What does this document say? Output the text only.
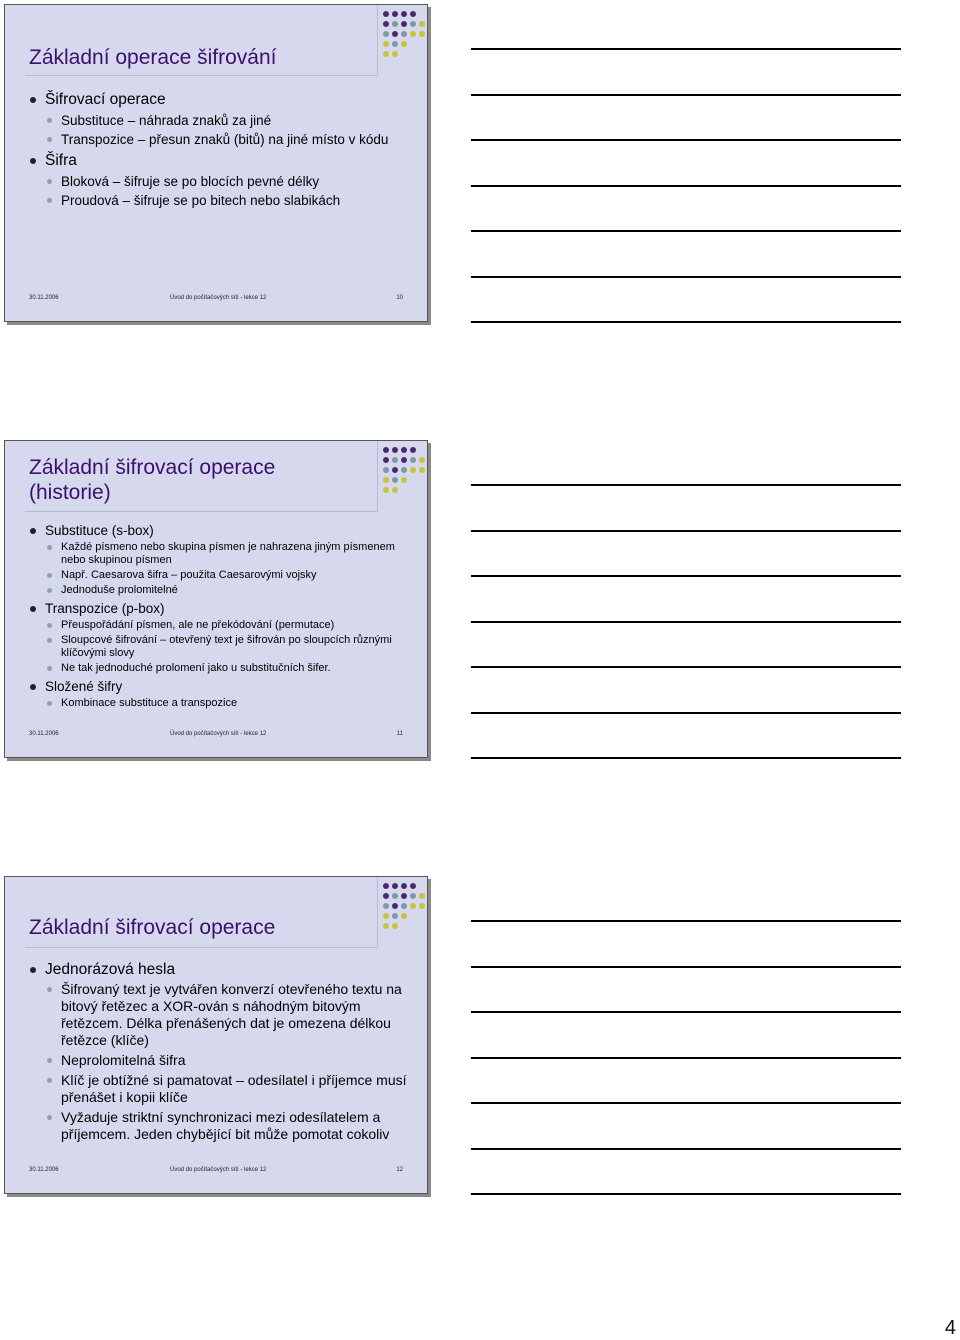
Základní operace šifrování
Šifrovací operace
Substituce – náhrada znaků za jiné
Transpozice – přesun znaků (bitů) na jiné místo v kódu
Šifra
Bloková – šifruje se po blocích pevné délky
Proudová – šifruje se po bitech nebo slabikách
30.11.2006	Úvod do počítačových sítí - lekce 12	10
Základní šifrovací operace
(historie)
Substituce (s-box)
Každé písmeno nebo skupina písmen je nahrazena jiným písmenem nebo skupinou písmen
Např. Caesarova šifra – použita Caesarovými vojsky
Jednoduše prolomitelné
Transpozice (p-box)
Přeuspořádání písmen, ale ne překódování (permutace)
Sloupcové šifrování – otevřený text je šifrován po sloupcích různými klíčovými slovy
Ne tak jednoduché prolomení jako u substitučních šifer.
Složené šifry
Kombinace substituce a transpozice
30.11.2006	Úvod do počítačových sítí - lekce 12	11
Základní šifrovací operace
Jednorázová hesla
Šifrovaný text je vytvářen konverzí otevřeného textu na bitový řetězec a XOR-ován s náhodným bitovým řetězcem. Délka přenášených dat je omezena délkou řetězce (klíče)
Neprolomitelná šifra
Klíč je obtížné si pamatovat – odesílatel i příjemce musí přenášet i kopii klíče
Vyžaduje striktní synchronizaci mezi odesílatelem a příjemcem. Jeden chybějící bit může pomotat cokoliv
30.11.2006	Úvod do počítačových sítí - lekce 12	12
4
